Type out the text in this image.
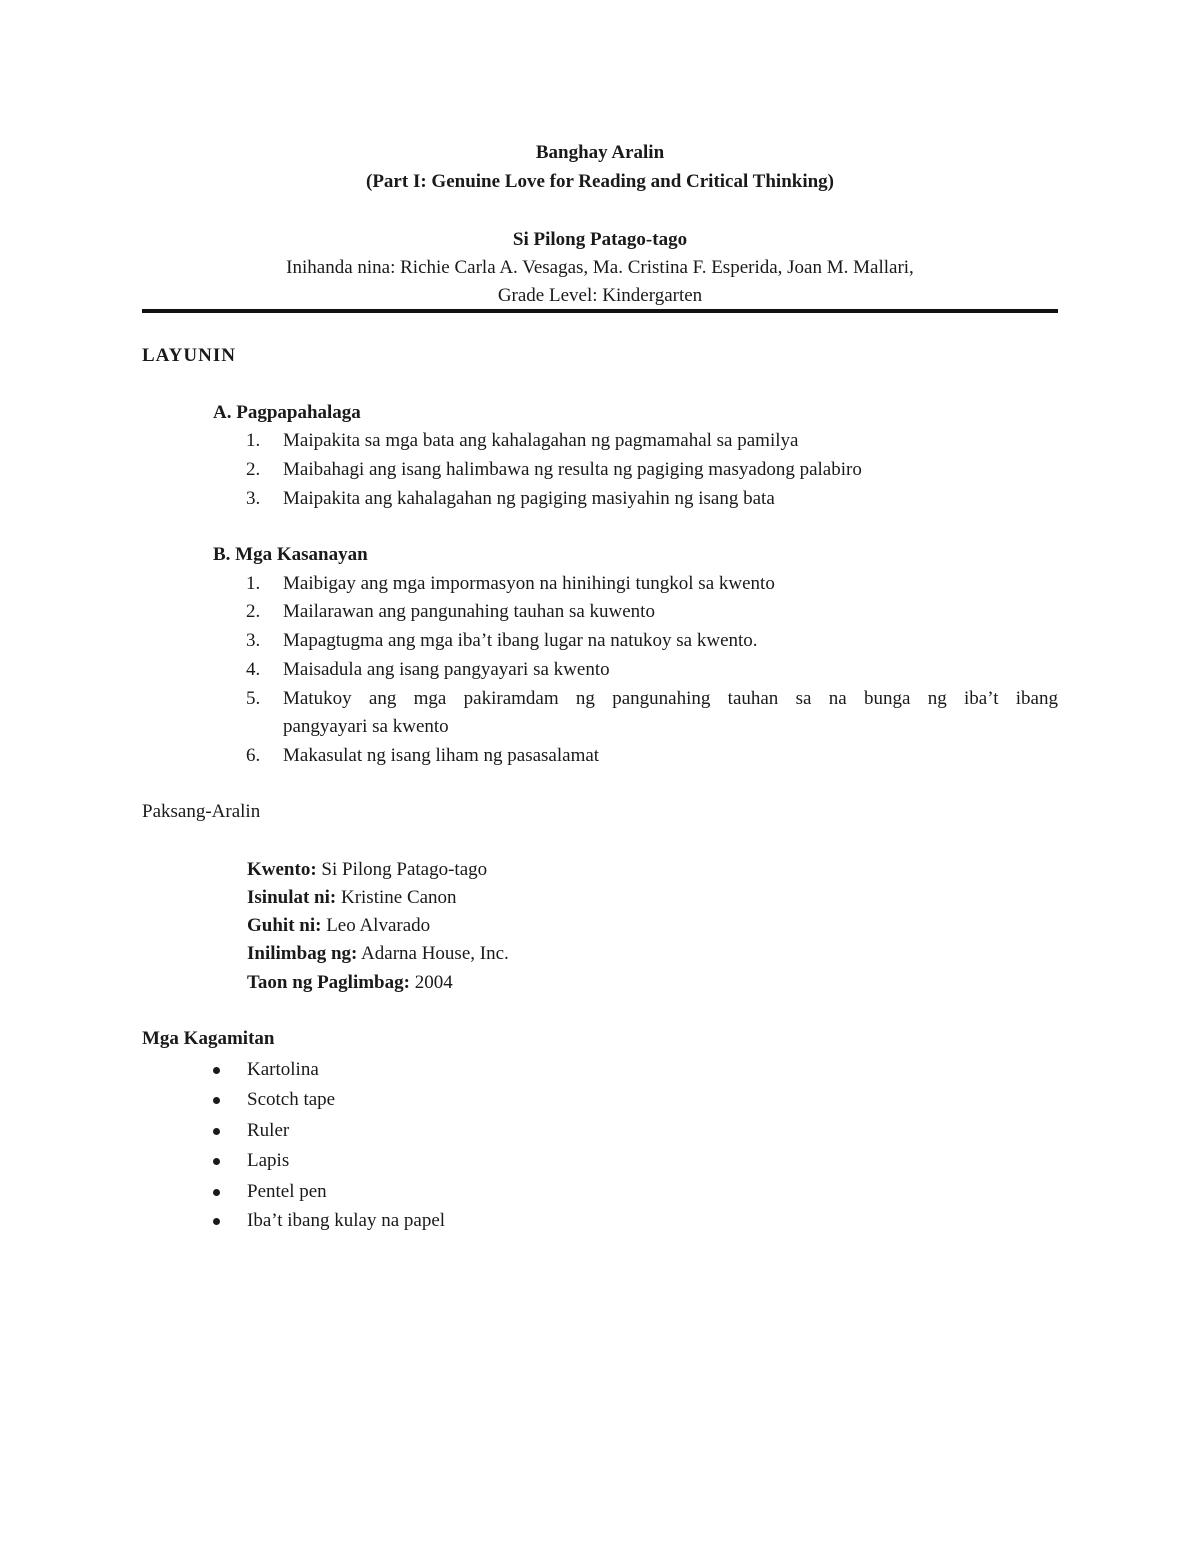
Banghay Aralin
(Part I: Genuine Love for Reading and Critical Thinking)
Si Pilong Patago-tago
Inihanda nina: Richie Carla A. Vesagas, Ma. Cristina F. Esperida, Joan M. Mallari,
Grade Level: Kindergarten
LAYUNIN
A. Pagpapahalaga
1.	Maipakita sa mga bata ang kahalagahan ng pagmamahal sa pamilya
2.	Maibahagi ang isang halimbawa ng resulta ng pagiging masyadong palabiro
3.	Maipakita ang kahalagahan ng pagiging masiyahin ng isang bata
B. Mga Kasanayan
1.	Maibigay ang mga impormasyon na hinihingi tungkol sa kwento
2.	Mailarawan ang pangunahing tauhan sa kuwento
3.	Mapagtugma ang mga iba’t ibang lugar na natukoy sa kwento.
4.	Maisadula ang isang pangyayari sa kwento
5.	Matukoy ang mga pakiramdam ng pangunahing tauhan sa na bunga ng iba’t ibang
pangyayari sa kwento
6.	Makasulat ng isang liham ng pasasalamat
Paksang-Aralin
Kwento: Si Pilong Patago-tago
Isinulat ni: Kristine Canon
Guhit ni: Leo Alvarado
Inilimbag ng: Adarna House, Inc.
Taon ng Paglimbag: 2004
Mga Kagamitan
Kartolina
Scotch tape
Ruler
Lapis
Pentel pen
Iba’t ibang kulay na papel
